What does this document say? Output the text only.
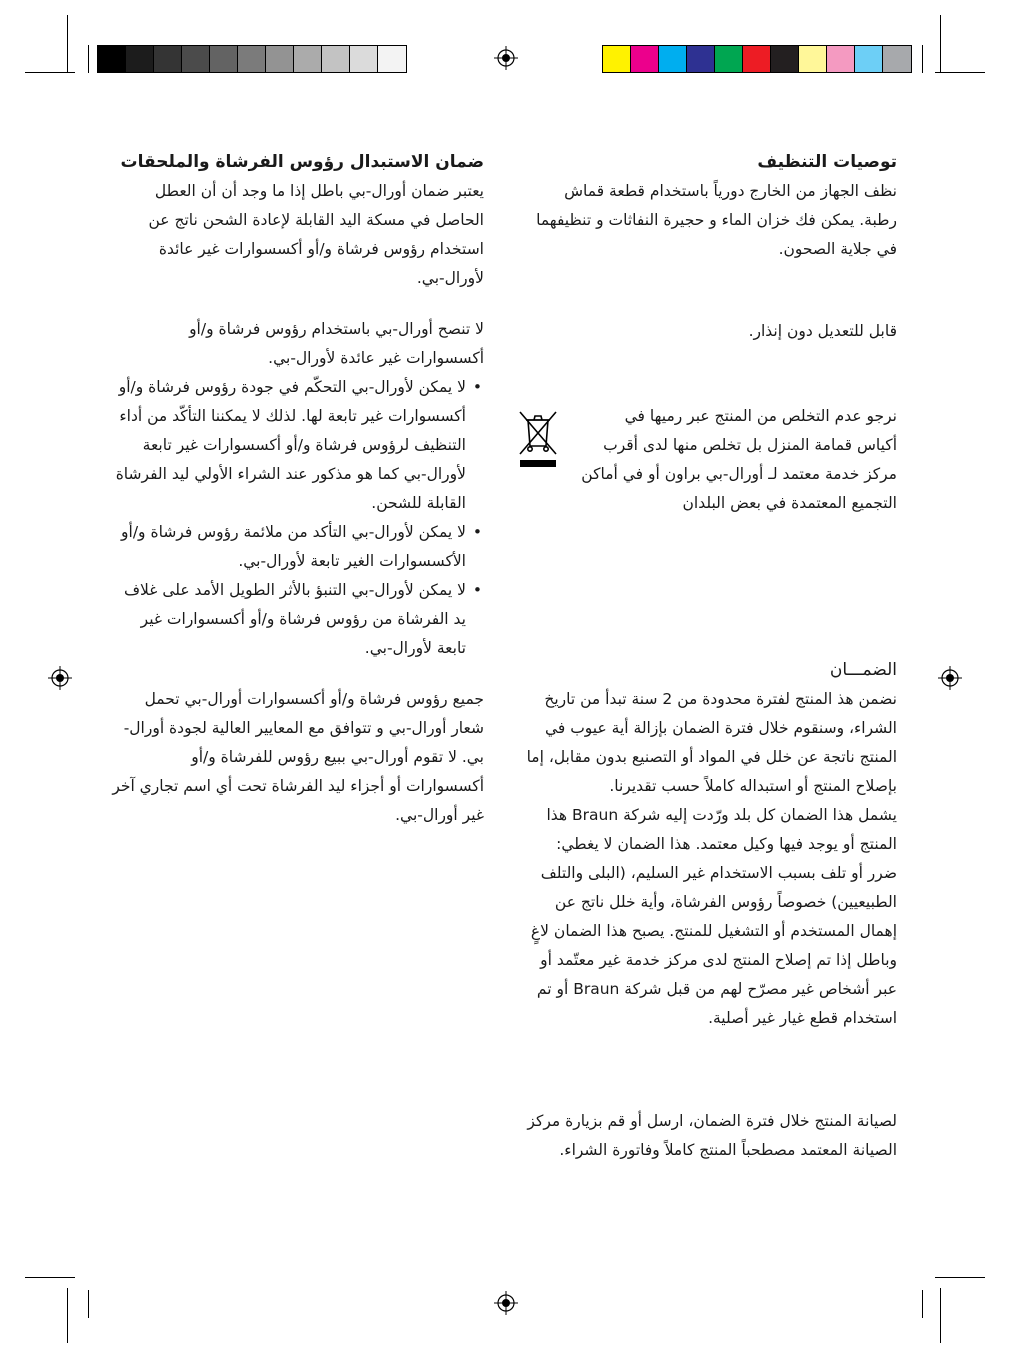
توصيات التنظيف

نظف الجهاز من الخارج دورياً باستخدام قطعة قماش رطبة. يمكن فك خزان الماء و حجيرة النفاثات و تنظيفهما في جلاية الصحون.

قابل للتعديل دون إنذار.

نرجو عدم التخلص من المنتج عبر رميها في أكياس قمامة المنزل بل تخلص منها لدى أقرب مركز خدمة معتمد لـ أورال-بي براون أو في أماكن التجميع المعتمدة في بعض البلدان

الضمـــان

نضمن هذ المنتج لفترة محدودة من 2 سنة تبدأ من تاريخ الشراء، وسنقوم خلال فترة الضمان بإزالة أية عيوب في المنتج ناتجة عن خلل في المواد أو التصنيع بدون مقابل، إما بإصلاح المنتج أو استبداله كاملاً حسب تقديرنا.

يشمل هذا الضمان كل بلد ورّدت إليه شركة Braun هذا المنتج أو يوجد فيها وكيل معتمد. هذا الضمان لا يغطي: ضرر أو تلف بسبب الاستخدام غير السليم، (البلى والتلف الطبيعيين) خصوصاً رؤوس الفرشاة، وأية خلل ناتج عن إهمال المستخدم أو التشغيل للمنتج. يصبح هذا الضمان لاغٍ وباطل إذا تم إصلاح المنتج لدى مركز خدمة غير معتّمد أو عبر أشخاص غير مصرّح لهم من قبل شركة Braun أو تم استخدام قطع غيار غير أصلية.

لصيانة المنتج خلال فترة الضمان، ارسل أو قم بزيارة مركز الصيانة المعتمد مصطحباً المنتج كاملاً وفاتورة الشراء.

ضمان الاستبدال رؤوس الفرشاة والملحقات

يعتبر ضمان أورال-بي باطل إذا ما وجد أن أن العطل الحاصل في مسكة اليد القابلة لإعادة الشحن ناتج عن استخدام رؤوس فرشاة و/أو أكسسوارات غير عائدة لأورال-بي.

لا تنصح أورال-بي باستخدام رؤوس فرشاة و/أو أكسسوارات غير عائدة لأورال-بي.

• لا يمكن لأورال-بي التحكّم في جودة رؤوس فرشاة و/أو أكسسوارات غير تابعة لها. لذلك لا يمكننا التأكّد من أداء التنظيف لرؤوس فرشاة و/أو أكسسوارات غير تابعة لأورال-بي كما هو مذكور عند الشراء الأولي ليد الفرشاة القابلة للشحن.
• لا يمكن لأورال-بي التأكد من ملائمة رؤوس فرشاة و/أو الأكسسوارات الغير تابعة لأورال-بي.
• لا يمكن لأورال-بي التنبؤ بالأثر الطويل الأمد على غلاف يد الفرشاة من رؤوس فرشاة و/أو أكسسوارات غير تابعة لأورال-بي.

جميع رؤوس فرشاة و/أو أكسسوارات أورال-بي تحمل شعار أورال-بي و تتوافق مع المعايير العالية لجودة أورال-بي. لا تقوم أورال-بي ببيع رؤوس للفرشاة و/أو أكسسوارات أو أجزاء ليد الفرشاة تحت أي اسم تجاري آخر غير أورال-بي.
